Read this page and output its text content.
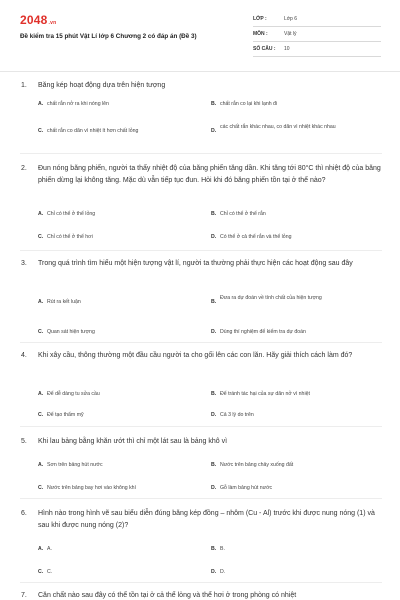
2048.vn
Đề kiểm tra 15 phút Vật Lí lớp 6 Chương 2 có đáp án (Đề 3)
LỚP :	Lớp 6
MÔN :	Vật lý
SỐ CÂU : 10
1. Băng kép hoạt động dựa trên hiện tượng
A. chất rắn nở ra khi nóng lên	B. chất rắn co lại khi lạnh đi
C. chất rắn co dãn vì nhiệt ít hơn chất lỏng	D.
các chất rắn khác nhau, co dãn vì nhiệt khác nhau
2. Đun nóng băng phiến, người ta thấy nhiệt độ của băng phiến tăng dần. Khi tăng tới 80°C thì nhiệt độ của băng phiến dừng lại không tăng. Mặc dù vẫn tiếp tục đun. Hỏi khi đó băng phiến tồn tại ở thể nào?
A. Chỉ có thể ở thể lỏng	B. Chỉ có thể ở thể rắn
C. Chỉ có thể ở thể hơi	D. Có thể ở cả thể rắn và thể lỏng
3. Trong quá trình tìm hiểu một hiện tượng vật lí, người ta thường phải thực hiện các hoạt động sau đây
A. Rút ra kết luận	B.
Đưa ra dự đoán về tính chất của hiện tượng
C. Quan sát hiện tượng	D. Dùng thí nghiệm để kiểm tra dự đoán
4. Khi xây cầu, thông thường một đầu cầu người ta cho gối lên các con lăn. Hãy giải thích cách làm đó?
A. Để dễ dàng tu sửa cầu	B. Để tránh tác hại của sự dãn nở vì nhiệt
C. Để tạo thẩm mỹ	D. Cả 3 lý do trên
5. Khi lau bảng bằng khăn ướt thì chỉ một lát sau là bảng khô vì
A. Sơn trên bảng hút nước	B. Nước trên bảng chảy xuống đất
C. Nước trên bảng bay hơi vào không khí	D. Gỗ làm bảng hút nước
6. Hình nào trong hình vẽ sau biểu diễn đúng băng kép đồng – nhôm (Cu - Al) trước khi được nung nóng (1) và sau khi được nung nóng (2)?
A. A.	B. B.
C. C.	D. D.
7. Căn chất nào sau đây có thể tồn tại ở cả thể lỏng và thể hơi ở trong phòng có nhiệt
